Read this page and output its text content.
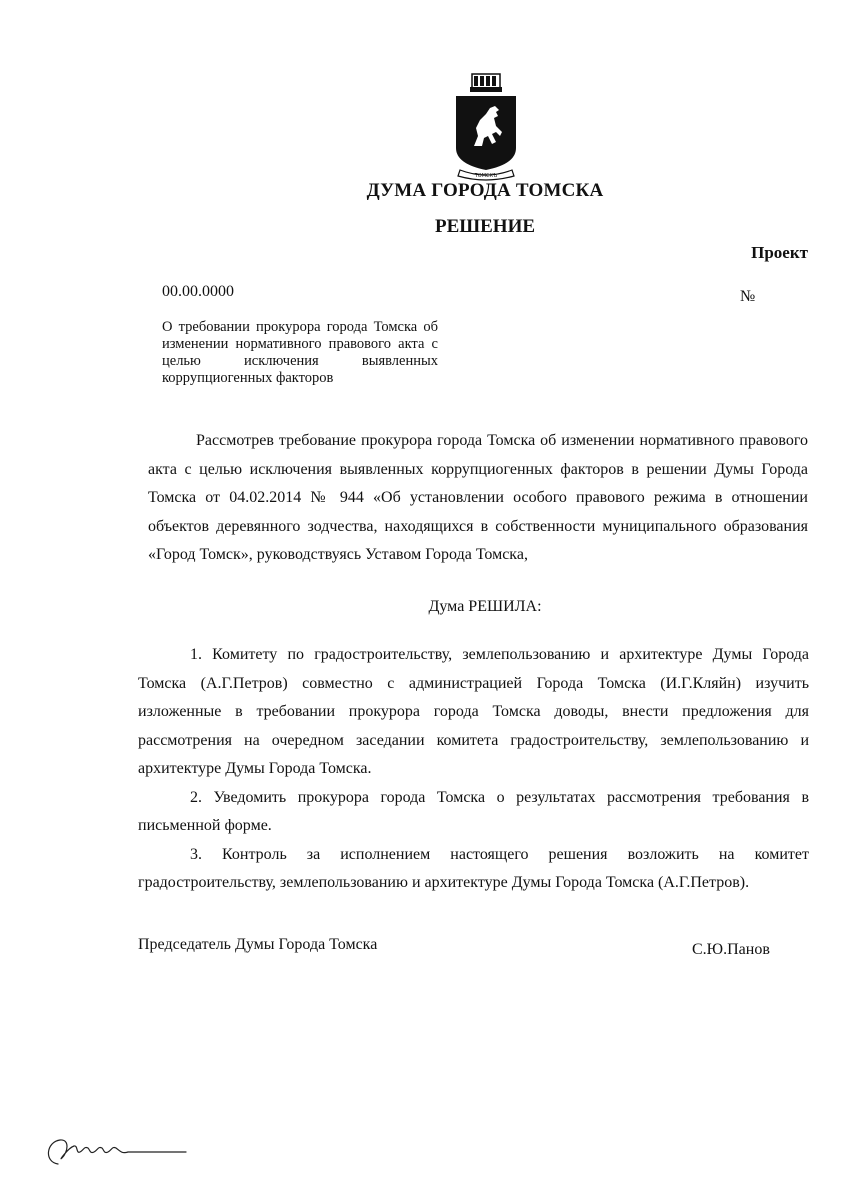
ТОМСКЪ
ДУМА ГОРОДА ТОМСКА
РЕШЕНИЕ
Проект
00.00.0000	№
О требовании прокурора города Томска об изменении нормативного правового акта с целью исключения выявленных коррупциогенных факторов

Рассмотрев требование прокурора города Томска об изменении нормативного правового акта с целью исключения выявленных коррупциогенных факторов в решении Думы Города Томска от 04.02.2014 № 944 «Об установлении особого правового режима в отношении объектов деревянного зодчества, находящихся в собственности муниципального образования «Город Томск», руководствуясь Уставом Города Томска,

Дума РЕШИЛА:
1. Комитету по градостроительству, землепользованию и архитектуре Думы Города Томска (А.Г.Петров) совместно с администрацией Города Томска (И.Г.Кляйн) изучить изложенные в требовании прокурора города Томска доводы, внести предложения для рассмотрения на очередном заседании комитета градостроительству, землепользованию и архитектуре Думы Города Томска.
2. Уведомить прокурора города Томска о результатах рассмотрения требования в письменной форме.
3. Контроль за исполнением настоящего решения возложить на комитет градостроительству, землепользованию и архитектуре Думы Города Томска (А.Г.Петров).
Председатель Думы Города Томска	С.Ю.Панов
